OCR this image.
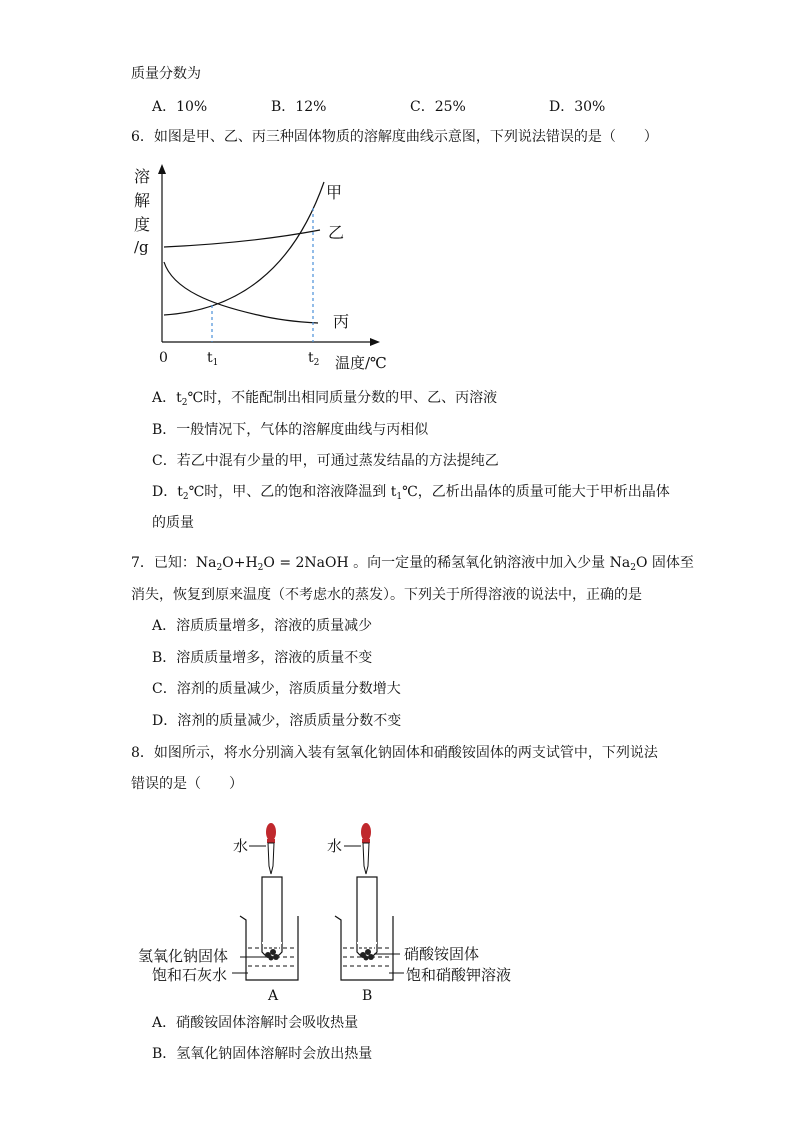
质量分数为
A．10%	B．12%	C．25%	D．30%
6．如图是甲、乙、丙三种固体物质的溶解度曲线示意图，下列说法错误的是（　　）
溶
解
度
/g
甲
乙
丙
0	$t_1$	$t_2$ 温度/℃
A．$t_2℃$时，不能配制出相同质量分数的甲、乙、丙溶液
B．一般情况下，气体的溶解度曲线与丙相似
C．若乙中混有少量的甲，可通过蒸发结晶的方法提纯乙
D．$t_2℃$时，甲、乙的饱和溶液降温到 $t_1℃$，乙析出晶体的质量可能大于甲析出晶体
的质量
7．已知：$Na_2O+H_2O$ = 2NaOH 。向一定量的稀氢氧化钠溶液中加入少量 $Na_2O$ 固体至
消失，恢复到原来温度（不考虑水的蒸发）。下列关于所得溶液的说法中，正确的是
A．溶质质量增多，溶液的质量减少
B．溶质质量增多，溶液的质量不变
C．溶剂的质量减少，溶质质量分数增大
D．溶剂的质量减少，溶质质量分数不变
8．如图所示，将水分别滴入装有氢氧化钠固体和硝酸铵固体的两支试管中，下列说法
错误的是（　　）
水
氢氧化钠固体
饱和石灰水
A
水
硝酸铵固体
饱和硝酸钾溶液
B
A．硝酸铵固体溶解时会吸收热量
B．氢氧化钠固体溶解时会放出热量
